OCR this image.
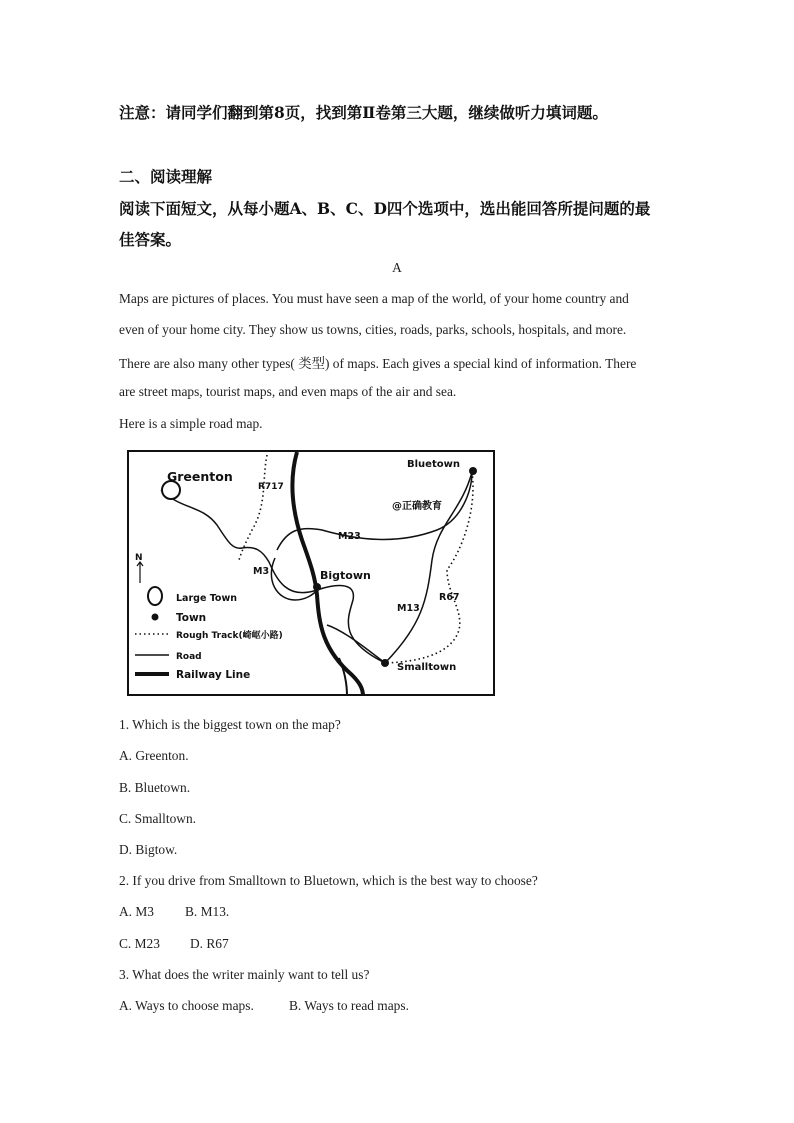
注意：请同学们翻到第8页，找到第Ⅱ卷第三大题，继续做听力填词题。
二、阅读理解
阅读下面短文，从每小题A、B、C、D四个选项中，选出能回答所提问题的最
佳答案。
A
Maps are pictures of places. You must have seen a map of the world, of your home country and
even of your home city. They show us towns, cities, roads, parks, schools, hospitals, and more.
There are also many other types( 类型) of maps. Each gives a special kind of information. There
are street maps, tourist maps, and even maps of the air and sea.
Here is a simple road map.
Greenton
Bluetown
Bigtown
Smalltown
R717
M23
M3
M13
R67
@正确教育
N
Large Town
Town
Rough Track(崎岖小路)
Road
Railway Line
1. Which is the biggest town on the map?
A. Greenton.
B. Bluetown.
C. Smalltown.
D. Bigtow.
2. If you drive from Smalltown to Bluetown, which is the best way to choose?
A. M3 B. M13.
C. M23 D. R67
3. What does the writer mainly want to tell us?
A. Ways to choose maps.	B. Ways to read maps.
